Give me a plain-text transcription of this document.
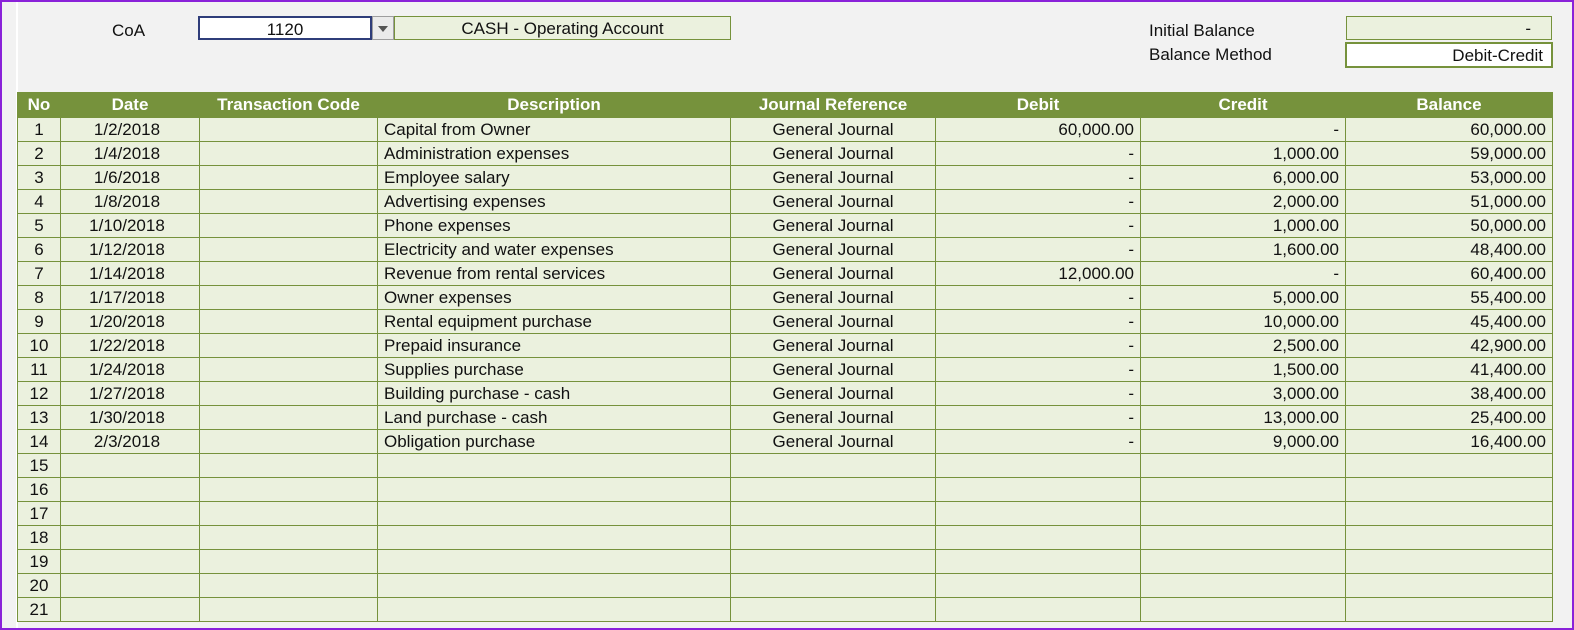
CoA	1120	CASH - Operating Account	Initial Balance	-
Balance Method	Debit-Credit
No	Date	Transaction Code	Description	Journal Reference	Debit	Credit	Balance
1	1/2/2018		Capital from Owner	General Journal	60,000.00	-	60,000.00
2	1/4/2018		Administration expenses	General Journal	-	1,000.00	59,000.00
3	1/6/2018		Employee salary	General Journal	-	6,000.00	53,000.00
4	1/8/2018		Advertising expenses	General Journal	-	2,000.00	51,000.00
5	1/10/2018		Phone expenses	General Journal	-	1,000.00	50,000.00
6	1/12/2018		Electricity and water expenses	General Journal	-	1,600.00	48,400.00
7	1/14/2018		Revenue from rental services	General Journal	12,000.00	-	60,400.00
8	1/17/2018		Owner expenses	General Journal	-	5,000.00	55,400.00
9	1/20/2018		Rental equipment purchase	General Journal	-	10,000.00	45,400.00
10	1/22/2018		Prepaid insurance	General Journal	-	2,500.00	42,900.00
11	1/24/2018		Supplies purchase	General Journal	-	1,500.00	41,400.00
12	1/27/2018		Building purchase - cash	General Journal	-	3,000.00	38,400.00
13	1/30/2018		Land purchase - cash	General Journal	-	13,000.00	25,400.00
14	2/3/2018		Obligation purchase	General Journal	-	9,000.00	16,400.00
15							
16							
17							
18							
19							
20							
21							
